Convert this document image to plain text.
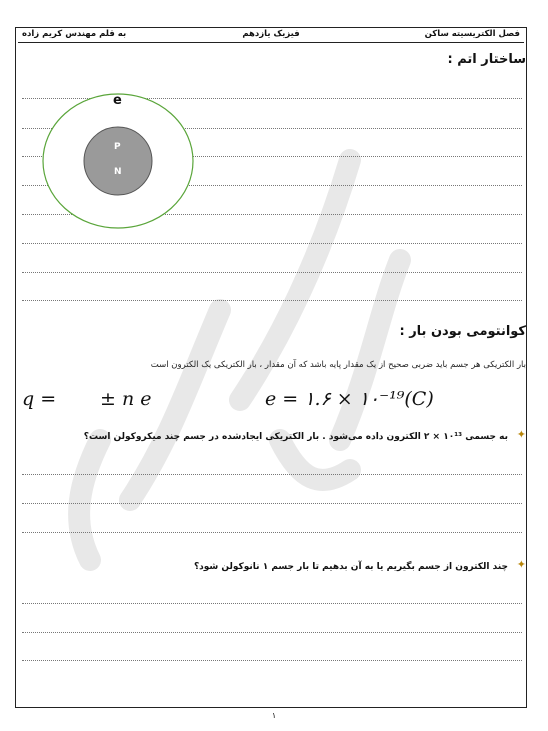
فصل الکتریسیته ساکن
فیزیک یازدهم
به قلم مهندس کریم زاده
ساختار اتم :
e
P
N
کوانتومی بودن بار :
بار الکتریکی هر جسم باید ضربی صحیح از یک مقدار پایه باشد که آن مقدار ، بار الکتریکی یک الکترون است
q = ± n e	e = ۱.۶ × ۱۰⁻¹⁹(C)
✦
به جسمی ۱۰¹³ × ۲ الکترون داده می‌شود . بار الکتریکی ایجادشده در جسم چند میکروکولن است؟
✦
چند الکترون از جسم بگیریم یا به آن بدهیم تا بار جسم ۱ نانوکولن شود؟
۱
